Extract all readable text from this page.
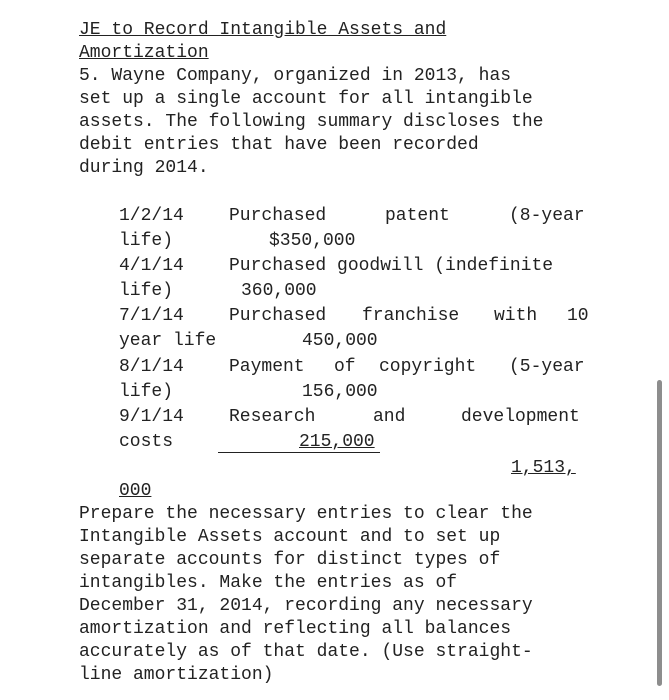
JE to Record Intangible Assets and
Amortization
5. Wayne Company, organized in 2013, has
set up a single account for all intangible
assets. The following summary discloses the
debit entries that have been recorded
during 2014.
1/2/14	Purchased	patent	(8-year
life)	$350,000
4/1/14	Purchased goodwill (indefinite
life)	360,000
7/1/14	Purchased franchise with 10
year life	450,000
8/1/14	Payment of copyright (5-year
life)	156,000
9/1/14	Research	and	development
costs	215,000
1,513,
000
Prepare the necessary entries to clear the
Intangible Assets account and to set up
separate accounts for distinct types of
intangibles. Make the entries as of
December 31, 2014, recording any necessary
amortization and reflecting all balances
accurately as of that date. (Use straight-
line amortization)
